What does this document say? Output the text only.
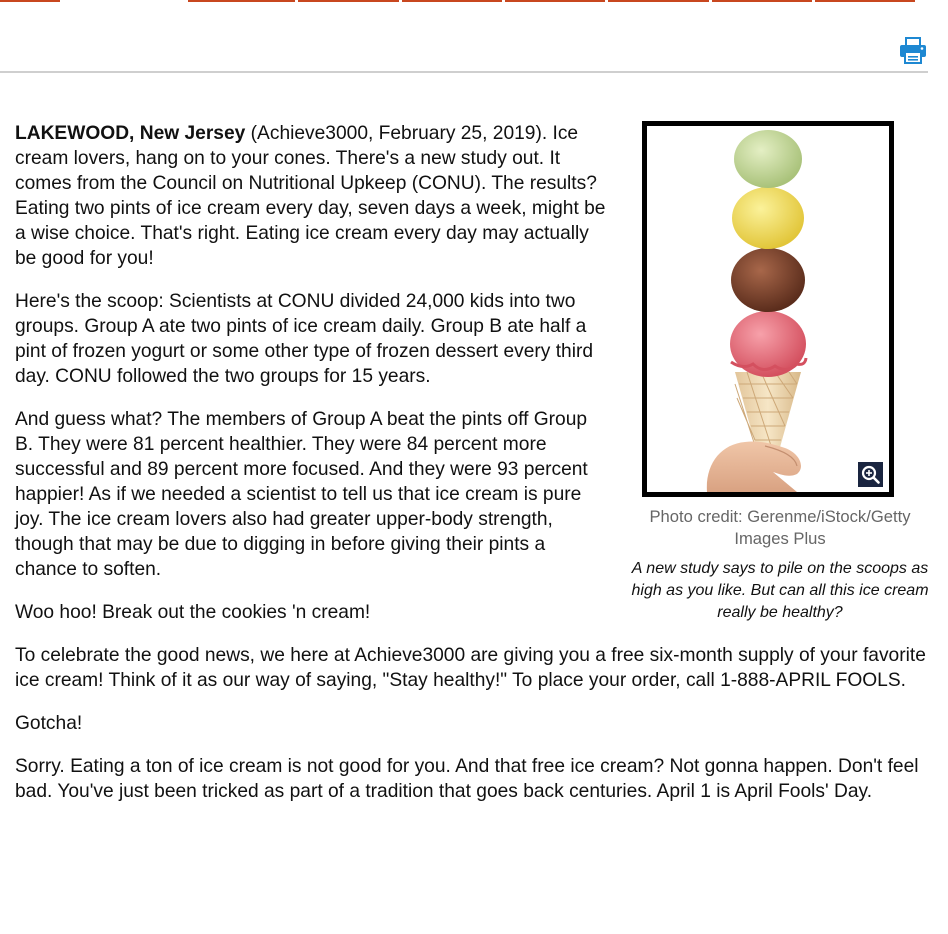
Photo credit: Gerenme/iStock/Getty Images Plus
A new study says to pile on the scoops as high as you like. But can all this ice cream really be healthy?

LAKEWOOD, New Jersey (Achieve3000, February 25, 2019). Ice cream lovers, hang on to your cones. There's a new study out. It comes from the Council on Nutritional Upkeep (CONU). The results? Eating two pints of ice cream every day, seven days a week, might be a wise choice. That's right. Eating ice cream every day may actually be good for you!

Here's the scoop: Scientists at CONU divided 24,000 kids into two groups. Group A ate two pints of ice cream daily. Group B ate half a pint of frozen yogurt or some other type of frozen dessert every third day. CONU followed the two groups for 15 years.

And guess what? The members of Group A beat the pints off Group B. They were 81 percent healthier. They were 84 percent more successful and 89 percent more focused. And they were 93 percent happier! As if we needed a scientist to tell us that ice cream is pure joy. The ice cream lovers also had greater upper-body strength, though that may be due to digging in before giving their pints a chance to soften.

Woo hoo! Break out the cookies 'n cream!

To celebrate the good news, we here at Achieve3000 are giving you a free six-month supply of your favorite ice cream! Think of it as our way of saying, "Stay healthy!" To place your order, call 1-888-APRIL FOOLS.

Gotcha!

Sorry. Eating a ton of ice cream is not good for you. And that free ice cream? Not gonna happen. Don't feel bad. You've just been tricked as part of a tradition that goes back centuries. April 1 is April Fools' Day.
